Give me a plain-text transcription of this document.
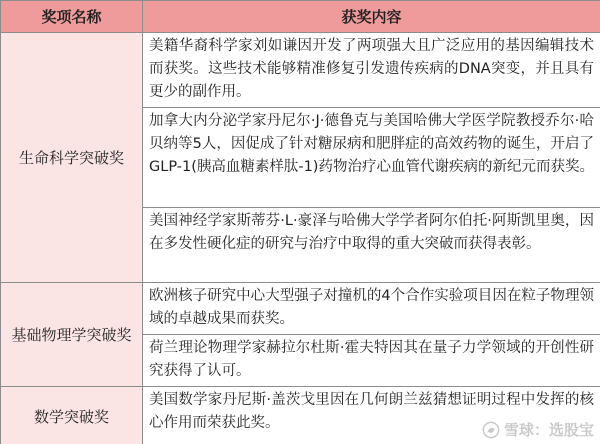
奖项名称	获奖内容
生命科学突破奖	美籍华裔科学家刘如谦因开发了两项强大且广泛应用的基因编辑技术而获奖。这些技术能够精准修复引发遗传疾病的DNA突变，并且具有更少的副作用。
	加拿大内分泌学家丹尼尔·J·德鲁克与美国哈佛大学医学院教授乔尔·哈贝纳等5人，因促成了针对糖尿病和肥胖症的高效药物的诞生，开启了GLP-1(胰高血糖素样肽-1)药物治疗心血管代谢疾病的新纪元而获奖。
	美国神经学家斯蒂芬·L·豪泽与哈佛大学学者阿尔伯托·阿斯凯里奥，因在多发性硬化症的研究与治疗中取得的重大突破而获得表彰。
基础物理学突破奖	欧洲核子研究中心大型强子对撞机的4个合作实验项目因在粒子物理领域的卓越成果而获奖。
	荷兰理论物理学家赫拉尔杜斯·霍夫特因其在量子力学领域的开创性研究获得了认可。
数学突破奖	美国数学家丹尼斯·盖茨戈里因在几何朗兰兹猜想证明过程中发挥的核心作用而荣获此奖。	雪球：选股宝
